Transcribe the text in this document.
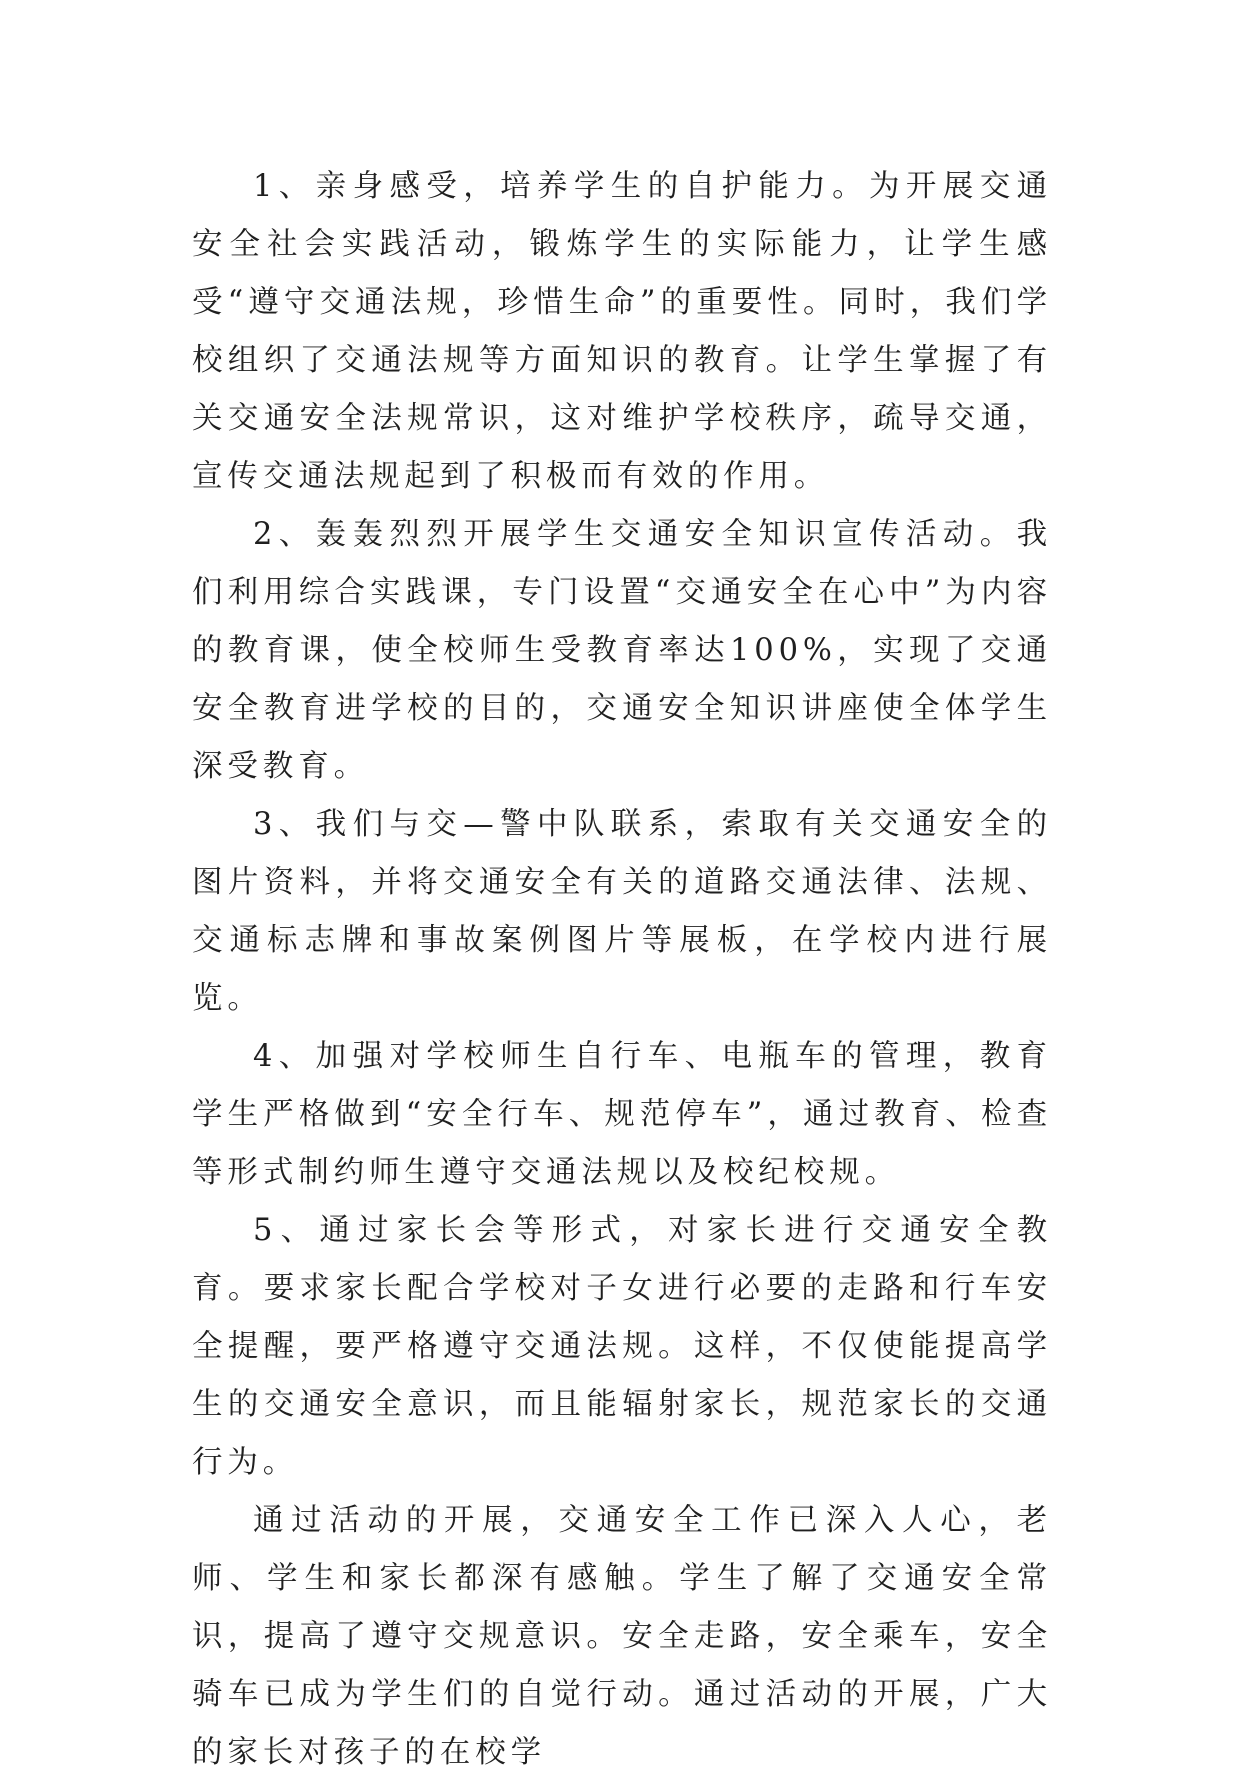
1、亲身感受，培养学生的自护能力。为开展交通安全社会实践活动，锻炼学生的实际能力，让学生感受“遵守交通法规，珍惜生命”的重要性。同时，我们学校组织了交通法规等方面知识的教育。让学生掌握了有关交通安全法规常识，这对维护学校秩序，疏导交通，宣传交通法规起到了积极而有效的作用。

2、轰轰烈烈开展学生交通安全知识宣传活动。我们利用综合实践课，专门设置“交通安全在心中”为内容的教育课，使全校师生受教育率达100%，实现了交通安全教育进学校的目的，交通安全知识讲座使全体学生深受教育。

3、我们与交—警中队联系，索取有关交通安全的图片资料，并将交通安全有关的道路交通法律、法规、交通标志牌和事故案例图片等展板，在学校内进行展览。

4、加强对学校师生自行车、电瓶车的管理，教育学生严格做到“安全行车、规范停车”，通过教育、检查等形式制约师生遵守交通法规以及校纪校规。

5、通过家长会等形式，对家长进行交通安全教育。要求家长配合学校对子女进行必要的走路和行车安全提醒，要严格遵守交通法规。这样，不仅使能提高学生的交通安全意识，而且能辐射家长，规范家长的交通行为。

通过活动的开展，交通安全工作已深入人心，老师、学生和家长都深有感触。学生了解了交通安全常识，提高了遵守交规意识。安全走路，安全乘车，安全骑车已成为学生们的自觉行动。通过活动的开展，广大的家长对孩子的在校学
